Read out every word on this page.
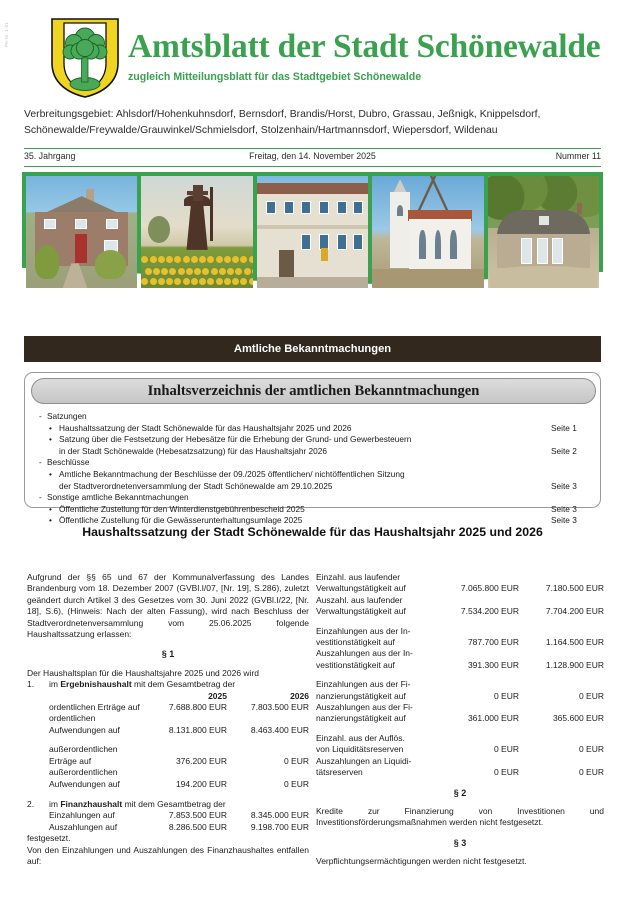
PA-Nr. 1-01	Amtsblatt der Stadt Schönewalde
zugleich Mitteilungsblatt für das Stadtgebiet Schönewalde
Verbreitungsgebiet: Ahlsdorf/Hohenkuhnsdorf, Bernsdorf, Brandis/Horst, Dubro, Grassau, Jeßnigk, Knippelsdorf,
Schönewalde/Freywalde/Grauwinkel/Schmielsdorf, Stolzenhain/Hartmannsdorf, Wiepersdorf, Wildenau
35. Jahrgang	Freitag, den 14. November 2025	Nummer 11
Amtliche Bekanntmachungen
Inhaltsverzeichnis der amtlichen Bekanntmachungen
- Satzungen
• Haushaltssatzung der Stadt Schönewalde für das Haushaltsjahr 2025 und 2026	Seite 1
• Satzung über die Festsetzung der Hebesätze für die Erhebung der Grund- und Gewerbesteuern
in der Stadt Schönewalde (Hebesatzsatzung) für das Haushaltsjahr 2026	Seite 2
- Beschlüsse
• Amtliche Bekanntmachung der Beschlüsse der 09./2025 öffentlichen/ nichtöffentlichen Sitzung
der Stadtverordnetenversammlung der Stadt Schönewalde am 29.10.2025	Seite 3
- Sonstige amtliche Bekanntmachungen
• Öffentliche Zustellung für den Winterdienstgebührenbescheid 2025	Seite 3
• Öffentliche Zustellung für die Gewässerunterhaltungsumlage 2025	Seite 3
Haushaltssatzung der Stadt Schönewalde für das Haushaltsjahr 2025 und 2026
Aufgrund der §§ 65 und 67 der Kommunalverfassung des Landes Brandenburg vom 18. Dezember 2007 (GVBl.I/07, [Nr. 19], S.286), zuletzt geändert durch Artikel 3 des Gesetzes vom 30. Juni 2022 (GVBl.I/22, [Nr. 18], S.6), (Hinweis: Nach der alten Fassung), wird nach Beschluss der Stadtverordnetenversammlung vom 25.06.2025 folgende Haushaltssatzung erlassen:
§ 1
Der Haushaltsplan für die Haushaltsjahre 2025 und 2026 wird
1.	im Ergebnishaushalt mit dem Gesamtbetrag der
	2025	2026
ordentlichen Erträge auf	7.688.800 EUR	7.803.500 EUR
ordentlichen		
Aufwendungen auf	8.131.800 EUR	8.463.400 EUR

außerordentlichen		
Erträge auf	376.200 EUR	0 EUR
außerordentlichen		
Aufwendungen auf	194.200 EUR	0 EUR
2.	im Finanzhaushalt mit dem Gesamtbetrag der
Einzahlungen auf	7.853.500 EUR	8.345.000 EUR
Auszahlungen auf	8.286.500 EUR	9.198.700 EUR
festgesetzt.
Von den Einzahlungen und Auszahlungen des Finanzhaushaltes entfallen auf:
Einzahl. aus laufender		
Verwaltungstätigkeit auf	7.065.800 EUR	7.180.500 EUR
Auszahl. aus laufender		
Verwaltungstätigkeit auf	7.534.200 EUR	7.704.200 EUR

Einzahlungen aus der In-		
vestitionstätigkeit auf	787.700 EUR	1.164.500 EUR
Auszahlungen aus der In-		
vestitionstätigkeit auf	391.300 EUR	1.128.900 EUR

Einzahlungen aus der Fi-		
nanzierungstätigkeit auf	0 EUR	0 EUR
Auszahlungen aus der Fi-		
nanzierungstätigkeit auf	361.000 EUR	365.600 EUR

Einzahl. aus der Auflös.		
von Liquiditätsreserven	0 EUR	0 EUR
Auszahlungen an Liquidi-		
tätsreserven	0 EUR	0 EUR
§ 2
Kredite zur Finanzierung von Investitionen und Investitionsförderungsmaßnahmen werden nicht festgesetzt.
§ 3
Verpflichtungsermächtigungen werden nicht festgesetzt.
